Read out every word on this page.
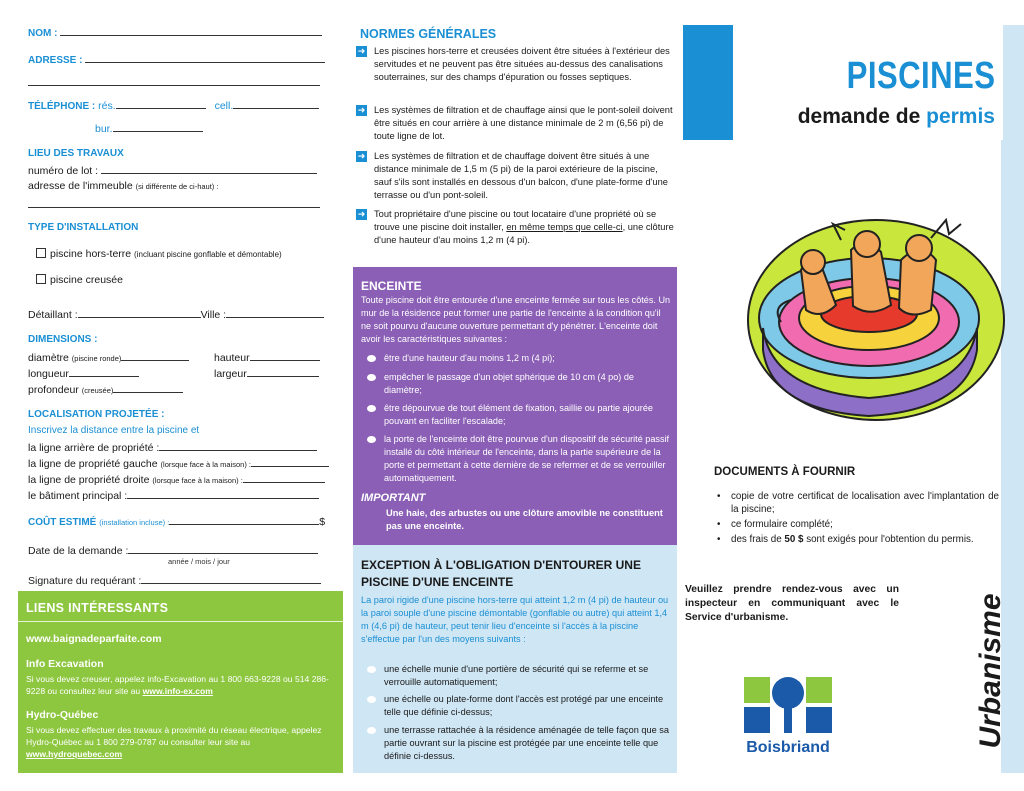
NOM :
ADRESSE :
TÉLÉPHONE : rés.	cell.
bur.
LIEU DES TRAVAUX
numéro de lot :
adresse de l'immeuble (si différente de ci-haut) :
TYPE D'INSTALLATION
piscine hors-terre (incluant piscine gonflable et démontable)
piscine creusée
Détaillant :	Ville :
DIMENSIONS :
diamètre (piscine ronde)	hauteur
longueur	largeur
profondeur (creusée)
LOCALISATION PROJETÉE :
Inscrivez la distance entre la piscine et
la ligne arrière de propriété :
la ligne de propriété gauche (lorsque face à la maison) :
la ligne de propriété droite (lorsque face à la maison) :
le bâtiment principal :
COÛT ESTIMÉ (installation incluse) :	$
Date de la demande :
année / mois / jour
Signature du requérant :
LIENS INTÉRESSANTS
www.baignadeparfaite.com
Info Excavation
Si vous devez creuser, appelez info-Excavation au 1 800 663-9228 ou 514 286-9228 ou consultez leur site au www.info-ex.com
Hydro-Québec
Si vous devez effectuer des travaux à proximité du réseau électrique, appelez Hydro-Québec au 1 800 279-0787 ou consulter leur site au www.hydroquebec.com
NORMES GÉNÉRALES
➜ Les piscines hors-terre et creusées doivent être situées à l'extérieur des servitudes et ne peuvent pas être situées au-dessus des canalisations souterraines, sur des champs d'épuration ou fosses septiques.
➜ Les systèmes de filtration et de chauffage ainsi que le pont-soleil doivent être situés en cour arrière à une distance minimale de 2 m (6,56 pi) de toute ligne de lot.
➜ Les systèmes de filtration et de chauffage doivent être situés à une distance minimale de 1,5 m (5 pi) de la paroi extérieure de la piscine, sauf s'ils sont installés en dessous d'un balcon, d'une plate-forme d'une terrasse ou d'un pont-soleil.
➜ Tout propriétaire d'une piscine ou tout locataire d'une propriété où se trouve une piscine doit installer, en même temps que celle-ci, une clôture d'une hauteur d'au moins 1,2 m (4 pi).
ENCEINTE
Toute piscine doit être entourée d'une enceinte fermée sur tous les côtés. Un mur de la résidence peut former une partie de l'enceinte à la condition qu'il ne soit pourvu d'aucune ouverture permettant d'y pénétrer. L'enceinte doit avoir les caractéristiques suivantes :
être d'une hauteur d'au moins 1,2 m (4 pi);
empêcher le passage d'un objet sphérique de 10 cm (4 po) de diamètre;
être dépourvue de tout élément de fixation, saillie ou partie ajourée pouvant en faciliter l'escalade;
la porte de l'enceinte doit être pourvue d'un dispositif de sécurité passif installé du côté intérieur de l'enceinte, dans la partie supérieure de la porte et permettant à cette dernière de se refermer et de se verrouiller automatiquement.
IMPORTANT
Une haie, des arbustes ou une clôture amovible ne constituent pas une enceinte.
EXCEPTION À L'OBLIGATION D'ENTOURER UNE PISCINE D'UNE ENCEINTE
La paroi rigide d'une piscine hors-terre qui atteint 1,2 m (4 pi) de hauteur ou la paroi souple d'une piscine démontable (gonflable ou autre) qui atteint 1,4 m (4,6 pi) de hauteur, peut tenir lieu d'enceinte si l'accès à la piscine s'effectue par l'un des moyens suivants :
une échelle munie d'une portière de sécurité qui se referme et se verrouille automatiquement;
une échelle ou plate-forme dont l'accès est protégé par une enceinte telle que définie ci-dessus;
une terrasse rattachée à la résidence aménagée de telle façon que sa partie ouvrant sur la piscine est protégée par une enceinte telle que définie ci-dessus.
PISCINES
demande de permis
DOCUMENTS À FOURNIR
• copie de votre certificat de localisation avec l'implantation de la piscine;
• ce formulaire complété;
• des frais de 50 $ sont exigés pour l'obtention du permis.
Veuillez prendre rendez-vous avec un inspecteur en communiquant avec le Service d'urbanisme.
Boisbriand	Urbanisme
